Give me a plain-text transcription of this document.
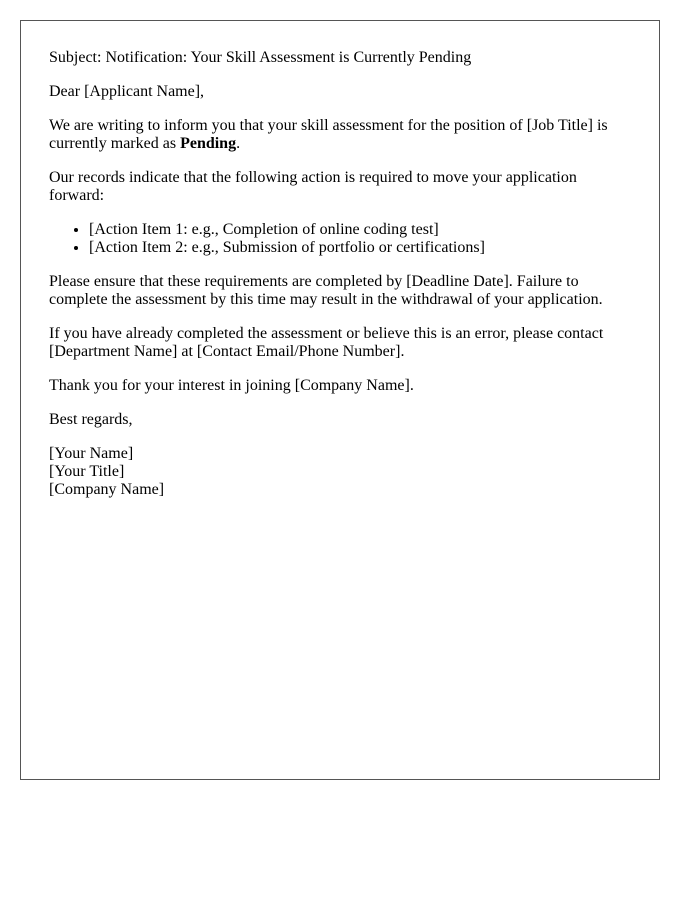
Subject: Notification: Your Skill Assessment is Currently Pending

Dear [Applicant Name],

We are writing to inform you that your skill assessment for the position of [Job Title] is currently marked as Pending.

Our records indicate that the following action is required to move your application forward:

• [Action Item 1: e.g., Completion of online coding test]
• [Action Item 2: e.g., Submission of portfolio or certifications]

Please ensure that these requirements are completed by [Deadline Date]. Failure to complete the assessment by this time may result in the withdrawal of your application.

If you have already completed the assessment or believe this is an error, please contact [Department Name] at [Contact Email/Phone Number].

Thank you for your interest in joining [Company Name].

Best regards,

[Your Name]
[Your Title]
[Company Name]
